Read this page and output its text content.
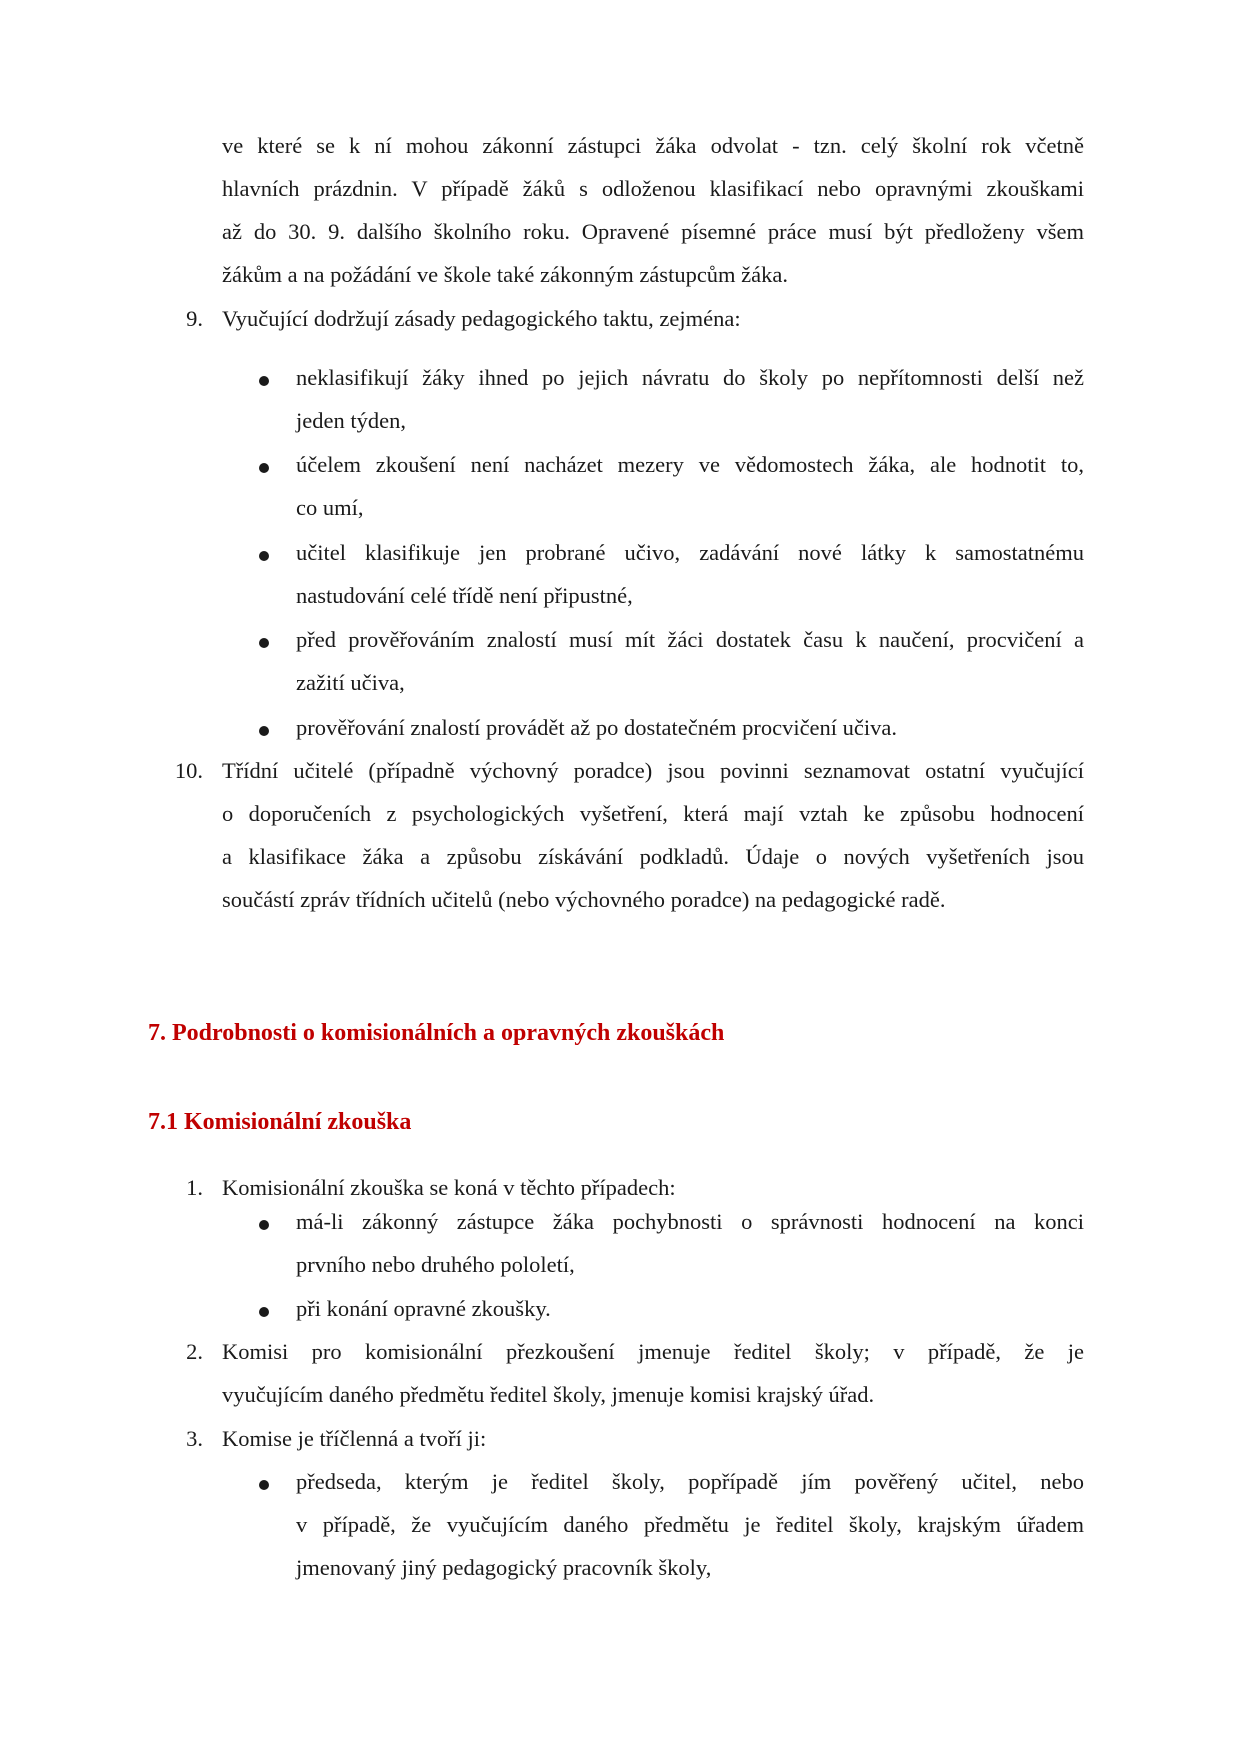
ve které se k ní mohou zákonní zástupci žáka odvolat - tzn. celý školní rok včetně
hlavních prázdnin. V případě žáků s odloženou klasifikací nebo opravnými zkouškami
až do 30. 9. dalšího školního roku. Opravené písemné práce musí být předloženy všem
žákům a na požádání ve škole také zákonným zástupcům žáka.
9. Vyučující dodržují zásady pedagogického taktu, zejména:
neklasifikují žáky ihned po jejich návratu do školy po nepřítomnosti delší než
jeden týden,
účelem zkoušení není nacházet mezery ve vědomostech žáka, ale hodnotit to,
co umí,
učitel klasifikuje jen probrané učivo, zadávání nové látky k samostatnému
nastudování celé třídě není připustné,
před prověřováním znalostí musí mít žáci dostatek času k naučení, procvičení a
zažití učiva,
prověřování znalostí provádět až po dostatečném procvičení učiva.
10. Třídní učitelé (případně výchovný poradce) jsou povinni seznamovat ostatní vyučující
o doporučeních z psychologických vyšetření, která mají vztah ke způsobu hodnocení
a klasifikace žáka a způsobu získávání podkladů. Údaje o nových vyšetřeních jsou
součástí zpráv třídních učitelů (nebo výchovného poradce) na pedagogické radě.
7. Podrobnosti o komisionálních a opravných zkouškách
7.1 Komisionální zkouška
1. Komisionální zkouška se koná v těchto případech:
má-li zákonný zástupce žáka pochybnosti o správnosti hodnocení na konci
prvního nebo druhého pololetí,
při konání opravné zkoušky.
2. Komisi pro komisionální přezkoušení jmenuje ředitel školy; v případě, že je
vyučujícím daného předmětu ředitel školy, jmenuje komisi krajský úřad.
3. Komise je tříčlenná a tvoří ji:
předseda, kterým je ředitel školy, popřípadě jím pověřený učitel, nebo
v případě, že vyučujícím daného předmětu je ředitel školy, krajským úřadem
jmenovaný jiný pedagogický pracovník školy,
